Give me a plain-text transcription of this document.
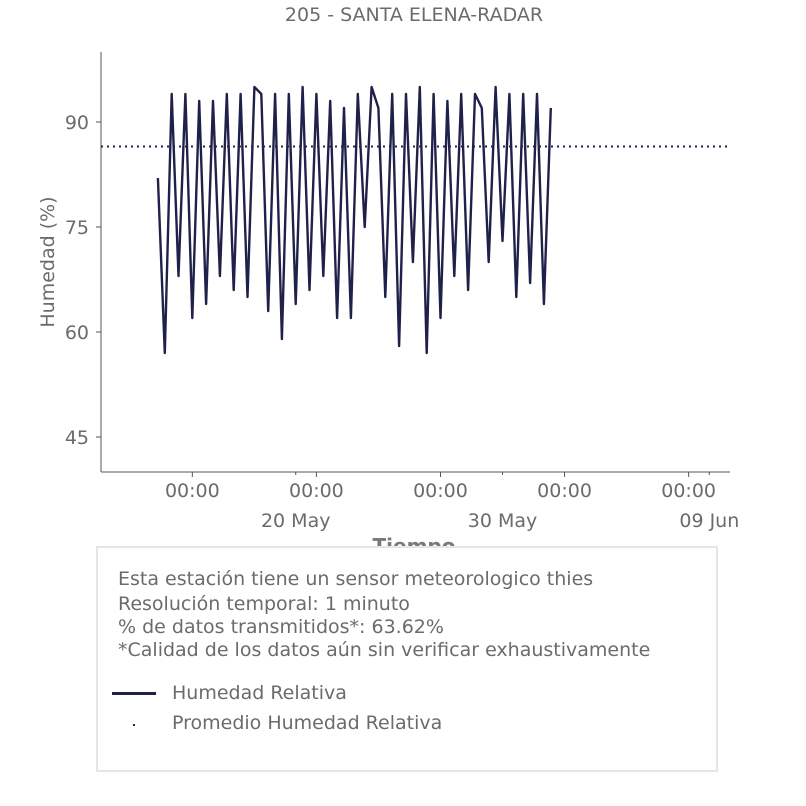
205 - SANTA ELENA-RADAR
Humedad (%)
45
60
75
90
00:00	00:00	00:00	00:00	00:00
20 May	30 May	09 Jun
Esta estación tiene un sensor meteorologico thies
Resolución temporal: 1 minuto
% de datos transmitidos*: 63.62%
*Calidad de los datos aún sin verificar exhaustivamente
Humedad Relativa
Promedio Humedad Relativa
